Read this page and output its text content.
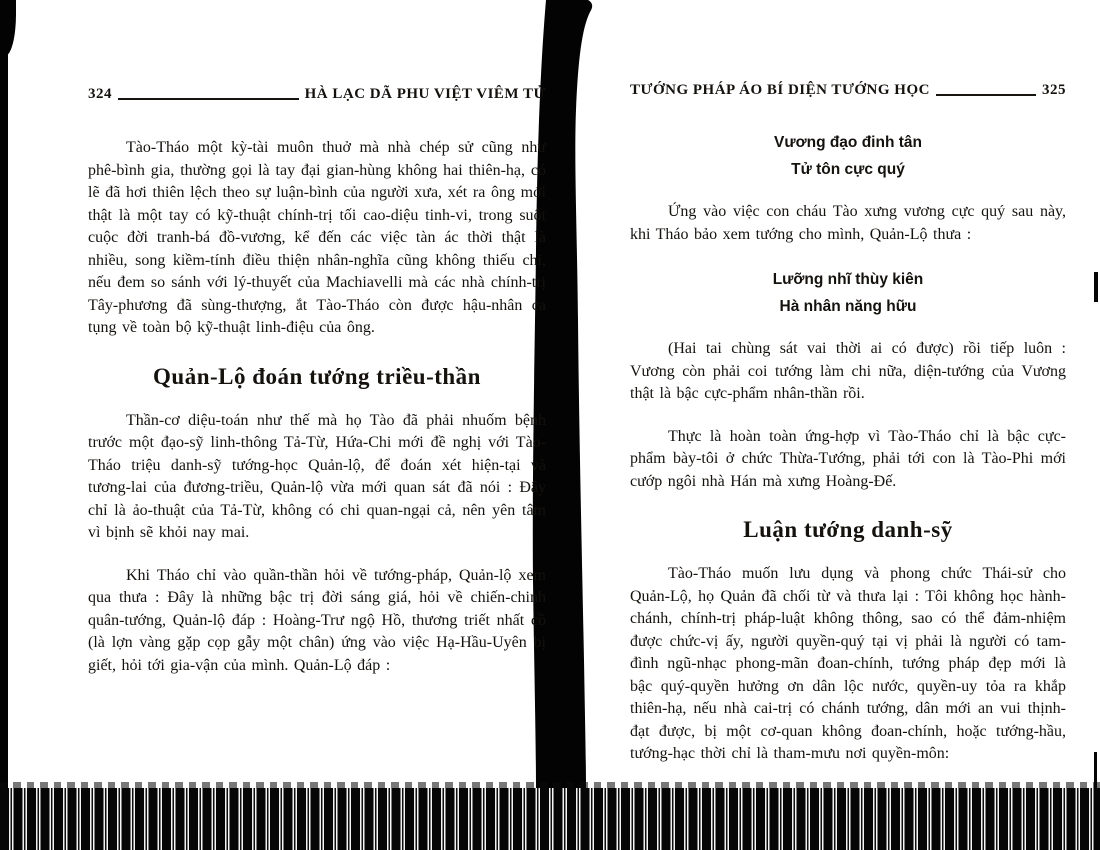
324	HÀ LẠC DÃ PHU VIỆT VIÊM TỬ

Tào-Tháo một kỳ-tài muôn thuở mà nhà chép sử cũng như phê-bình gia, thường gọi là tay đại gian-hùng không hai thiên-hạ, có lẽ đã hơi thiên lệch theo sự luận-bình của người xưa, xét ra ông mới thật là một tay có kỹ-thuật chính-trị tối cao-diệu tinh-vi, trong suốt cuộc đời tranh-bá đồ-vương, kể đến các việc tàn ác thời thật là nhiều, song kiềm-tính điều thiện nhân-nghĩa cũng không thiếu chi, nếu đem so sánh với lý-thuyết của Machiavelli mà các nhà chính-trị Tây-phương đã sùng-thượng, ắt Tào-Tháo còn được hậu-nhân ca tụng về toàn bộ kỹ-thuật linh-điệu của ông.

Quản-Lộ đoán tướng triều-thần

Thần-cơ diệu-toán như thế mà họ Tào đã phải nhuốm bệnh trước một đạo-sỹ linh-thông Tả-Từ, Hứa-Chi mới đề nghị với Tào-Tháo triệu danh-sỹ tướng-học Quản-lộ, để đoán xét hiện-tại và tương-lai của đương-triều, Quản-lộ vừa mới quan sát đã nói : Đây chỉ là ảo-thuật của Tả-Từ, không có chi quan-ngại cả, nên yên tâm vì bịnh sẽ khỏi nay mai.

Khi Tháo chỉ vào quần-thần hỏi về tướng-pháp, Quản-lộ xem qua thưa : Đây là những bậc trị đời sáng giá, hỏi về chiến-chinh quân-tướng, Quản-lộ đáp : Hoàng-Trư ngộ Hồ, thương triết nhất cồ (là lợn vàng gặp cọp gẫy một chân) ứng vào việc Hạ-Hầu-Uyên bị giết, hỏi tới gia-vận của mình. Quản-Lộ đáp :

TƯỚNG PHÁP ÁO BÍ DIỆN TƯỚNG HỌC	325
Vương đạo đinh tân
Tử tôn cực quý

Ứng vào việc con cháu Tào xưng vương cực quý sau này, khi Tháo bảo xem tướng cho mình, Quản-Lộ thưa :

Lưỡng nhĩ thùy kiên
Hà nhân năng hữu

(Hai tai chùng sát vai thời ai có được) rồi tiếp luôn : Vương còn phải coi tướng làm chi nữa, diện-tướng của Vương thật là bậc cực-phẩm nhân-thần rồi.

Thực là hoàn toàn ứng-hợp vì Tào-Tháo chỉ là bậc cực-phẩm bày-tôi ở chức Thừa-Tướng, phải tới con là Tào-Phi mới cướp ngôi nhà Hán mà xưng Hoàng-Đế.

Luận tướng danh-sỹ

Tào-Tháo muốn lưu dụng và phong chức Thái-sử cho Quản-Lộ, họ Quản đã chối từ và thưa lại : Tôi không học hành-chánh, chính-trị pháp-luật không thông, sao có thể đảm-nhiệm được chức-vị ấy, người quyền-quý tại vị phải là người có tam-đình ngũ-nhạc phong-mãn đoan-chính, tướng pháp đẹp mới là bậc quý-quyền hưởng ơn dân lộc nước, quyền-uy tỏa ra khắp thiên-hạ, nếu nhà cai-trị có chánh tướng, dân mới an vui thịnh-đạt được, bị một cơ-quan không đoan-chính, hoặc tướng-hầu, tướng-hạc thời chỉ là tham-mưu nơi quyền-môn:
